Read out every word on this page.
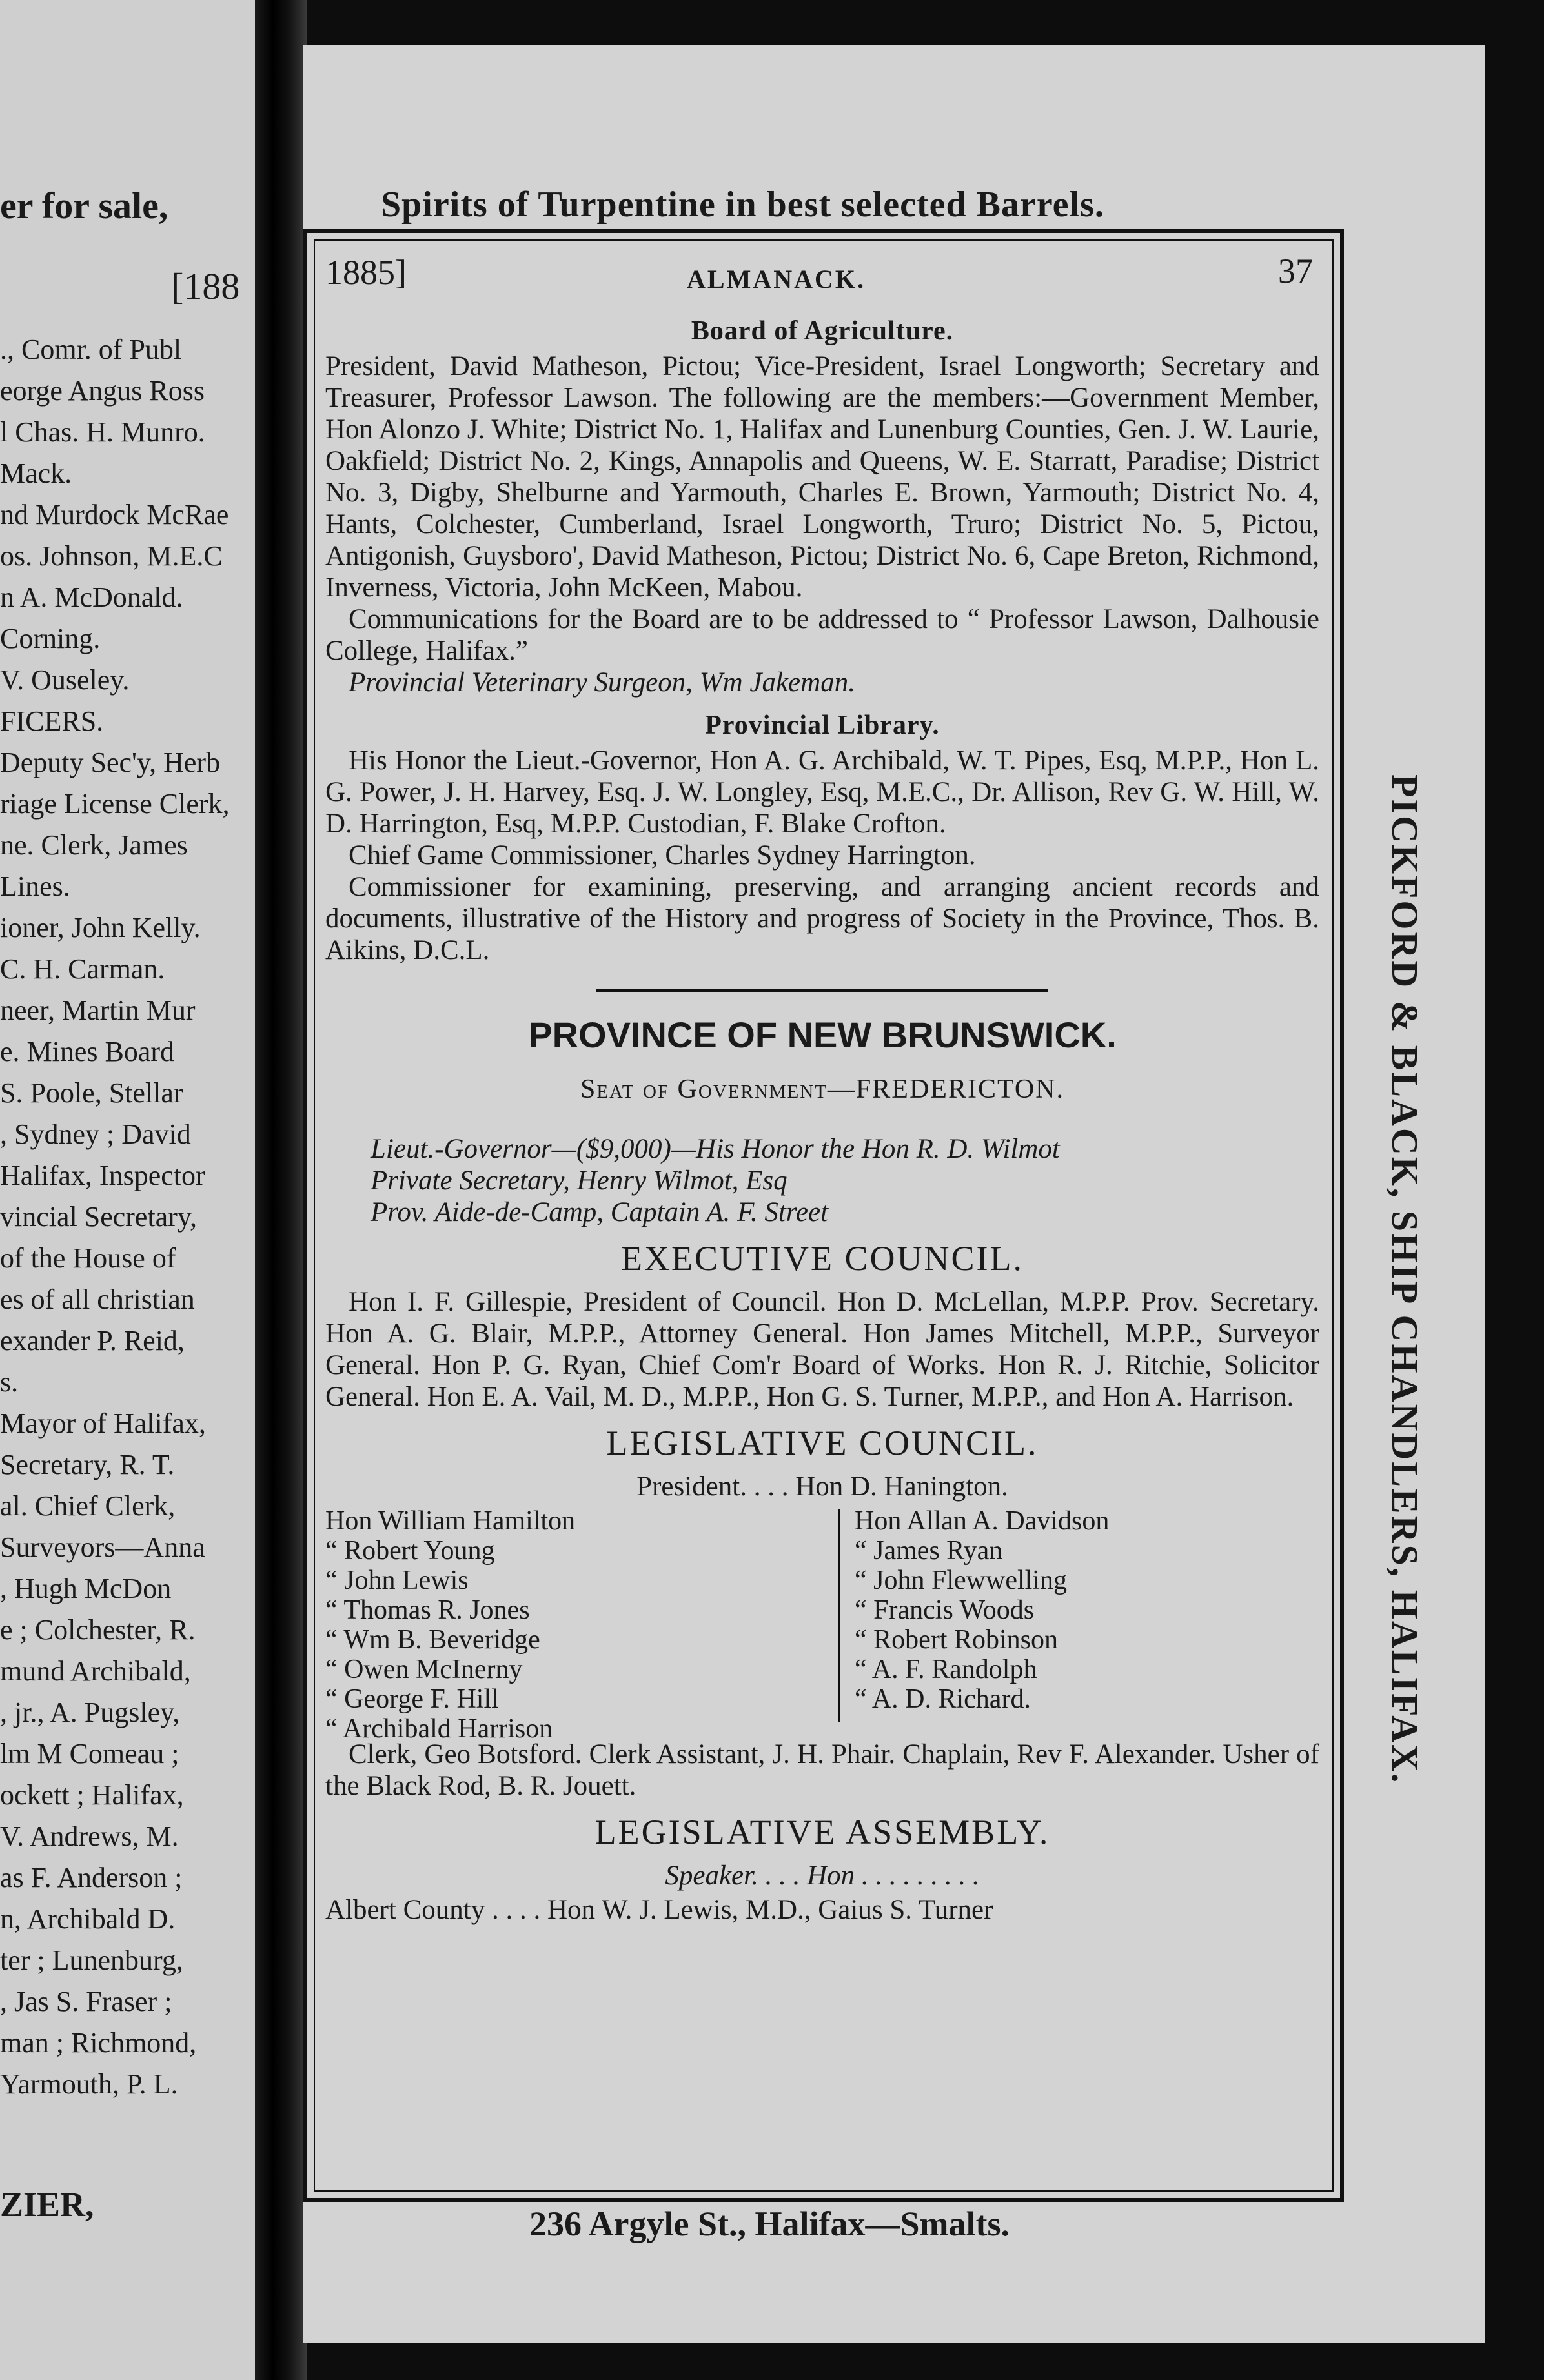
er for sale,
[188
., Comr. of Publ
eorge Angus Ross
l Chas. H. Munro.
Mack.
nd Murdock McRae
os. Johnson, M.E.C
n A. McDonald.
Corning.
V. Ouseley.
FICERS.
Deputy Sec'y, Herb
riage License Clerk,
ne. Clerk, James
Lines.
ioner, John Kelly.
C. H. Carman.
neer, Martin Mur
e. Mines Board
S. Poole, Stellar
, Sydney ; David
Halifax, Inspector
vincial Secretary,
of the House of
es of all christian
exander P. Reid,
s.
Mayor of Halifax,
Secretary, R. T.
al. Chief Clerk,
Surveyors—Anna
, Hugh McDon
e ; Colchester, R.
mund Archibald,
, jr., A. Pugsley,
lm M Comeau ;
ockett ; Halifax,
V. Andrews, M.
as F. Anderson ;
n, Archibald D.
ter ; Lunenburg,
, Jas S. Fraser ;
man ; Richmond,
Yarmouth, P. L.
ZIER,
Spirits of Turpentine in best selected Barrels.
1885]	ALMANACK.	37
Board of Agriculture.

President, David Matheson, Pictou; Vice-President, Israel Longworth; Secretary and Treasurer, Professor Lawson. The following are the members:—Government Member, Hon Alonzo J. White; District No. 1, Halifax and Lunenburg Counties, Gen. J. W. Laurie, Oakfield; District No. 2, Kings, Annapolis and Queens, W. E. Starratt, Paradise; District No. 3, Digby, Shelburne and Yarmouth, Charles E. Brown, Yarmouth; District No. 4, Hants, Colchester, Cumberland, Israel Longworth, Truro; District No. 5, Pictou, Antigonish, Guysboro', David Matheson, Pictou; District No. 6, Cape Breton, Richmond, Inverness, Victoria, John McKeen, Mabou.

Communications for the Board are to be addressed to “ Professor Lawson, Dalhousie College, Halifax.”

Provincial Veterinary Surgeon, Wm Jakeman.

Provincial Library.

His Honor the Lieut.-Governor, Hon A. G. Archibald, W. T. Pipes, Esq, M.P.P., Hon L. G. Power, J. H. Harvey, Esq. J. W. Longley, Esq, M.E.C., Dr. Allison, Rev G. W. Hill, W. D. Harrington, Esq, M.P.P. Custodian, F. Blake Crofton.

Chief Game Commissioner, Charles Sydney Harrington.

Commissioner for examining, preserving, and arranging ancient records and documents, illustrative of the History and progress of Society in the Province, Thos. B. Aikins, D.C.L.

PROVINCE OF NEW BRUNSWICK.
Seat of Government—FREDERICTON.
Lieut.-Governor—($9,000)—His Honor the Hon R. D. Wilmot
Private Secretary, Henry Wilmot, Esq
Prov. Aide-de-Camp, Captain A. F. Street
EXECUTIVE COUNCIL.

Hon I. F. Gillespie, President of Council. Hon D. McLellan, M.P.P. Prov. Secretary. Hon A. G. Blair, M.P.P., Attorney General. Hon James Mitchell, M.P.P., Surveyor General. Hon P. G. Ryan, Chief Com'r Board of Works. Hon R. J. Ritchie, Solicitor General. Hon E. A. Vail, M. D., M.P.P., Hon G. S. Turner, M.P.P., and Hon A. Harrison.

LEGISLATIVE COUNCIL.
President. . . . Hon D. Hanington.
Hon William Hamilton
“ Robert Young
“ John Lewis
“ Thomas R. Jones
“ Wm B. Beveridge
“ Owen McInerny
“ George F. Hill
“ Archibald Harrison
Hon Allan A. Davidson
“ James Ryan
“ John Flewwelling
“ Francis Woods
“ Robert Robinson
“ A. F. Randolph
“ A. D. Richard.

Clerk, Geo Botsford. Clerk Assistant, J. H. Phair. Chaplain, Rev F. Alexander. Usher of the Black Rod, B. R. Jouett.

LEGISLATIVE ASSEMBLY.
Speaker. . . . Hon . . . . . . . . .
Albert County . . . . Hon W. J. Lewis, M.D., Gaius S. Turner
PICKFORD & BLACK, SHIP CHANDLERS, HALIFAX.
236 Argyle St., Halifax—Smalts.
